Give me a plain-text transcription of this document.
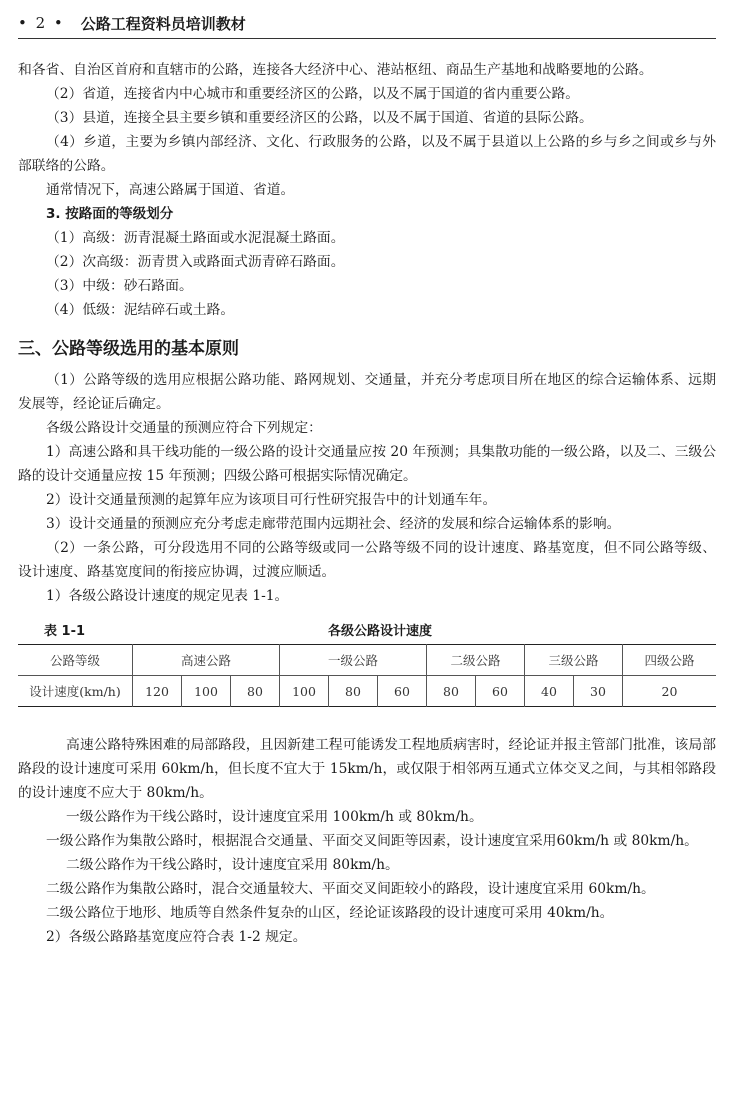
• 2 • 公路工程资料员培训教材

和各省、自治区首府和直辖市的公路，连接各大经济中心、港站枢纽、商品生产基地和战略要地的公路。

（2）省道，连接省内中心城市和重要经济区的公路，以及不属于国道的省内重要公路。

（3）县道，连接全县主要乡镇和重要经济区的公路，以及不属于国道、省道的县际公路。

（4）乡道，主要为乡镇内部经济、文化、行政服务的公路，以及不属于县道以上公路的乡与乡之间或乡与外部联络的公路。

通常情况下，高速公路属于国道、省道。

3. 按路面的等级划分

（1）高级：沥青混凝土路面或水泥混凝土路面。

（2）次高级：沥青贯入或路面式沥青碎石路面。

（3）中级：砂石路面。

（4）低级：泥结碎石或土路。

三、公路等级选用的基本原则

（1）公路等级的选用应根据公路功能、路网规划、交通量，并充分考虑项目所在地区的综合运输体系、远期发展等，经论证后确定。

各级公路设计交通量的预测应符合下列规定：

1）高速公路和具干线功能的一级公路的设计交通量应按 20 年预测；具集散功能的一级公路，以及二、三级公路的设计交通量应按 15 年预测；四级公路可根据实际情况确定。

2）设计交通量预测的起算年应为该项目可行性研究报告中的计划通车年。

3）设计交通量的预测应充分考虑走廊带范围内远期社会、经济的发展和综合运输体系的影响。

（2）一条公路，可分段选用不同的公路等级或同一公路等级不同的设计速度、路基宽度，但不同公路等级、设计速度、路基宽度间的衔接应协调，过渡应顺适。

1）各级公路设计速度的规定见表 1-1。

表 1-1	各级公路设计速度
公路等级	高速公路			一级公路			二级公路		三级公路		四级公路
设计速度(km/h)	120	100	80	100	80	60	80	60	40	30	20

高速公路特殊困难的局部路段，且因新建工程可能诱发工程地质病害时，经论证并报主管部门批准，该局部路段的设计速度可采用 60km/h，但长度不宜大于 15km/h，或仅限于相邻两互通式立体交叉之间，与其相邻路段的设计速度不应大于 80km/h。

一级公路作为干线公路时，设计速度宜采用 100km/h 或 80km/h。

一级公路作为集散公路时，根据混合交通量、平面交叉间距等因素，设计速度宜采用60km/h 或 80km/h。

二级公路作为干线公路时，设计速度宜采用 80km/h。

二级公路作为集散公路时，混合交通量较大、平面交叉间距较小的路段，设计速度宜采用 60km/h。

二级公路位于地形、地质等自然条件复杂的山区，经论证该路段的设计速度可采用 40km/h。

2）各级公路路基宽度应符合表 1-2 规定。
